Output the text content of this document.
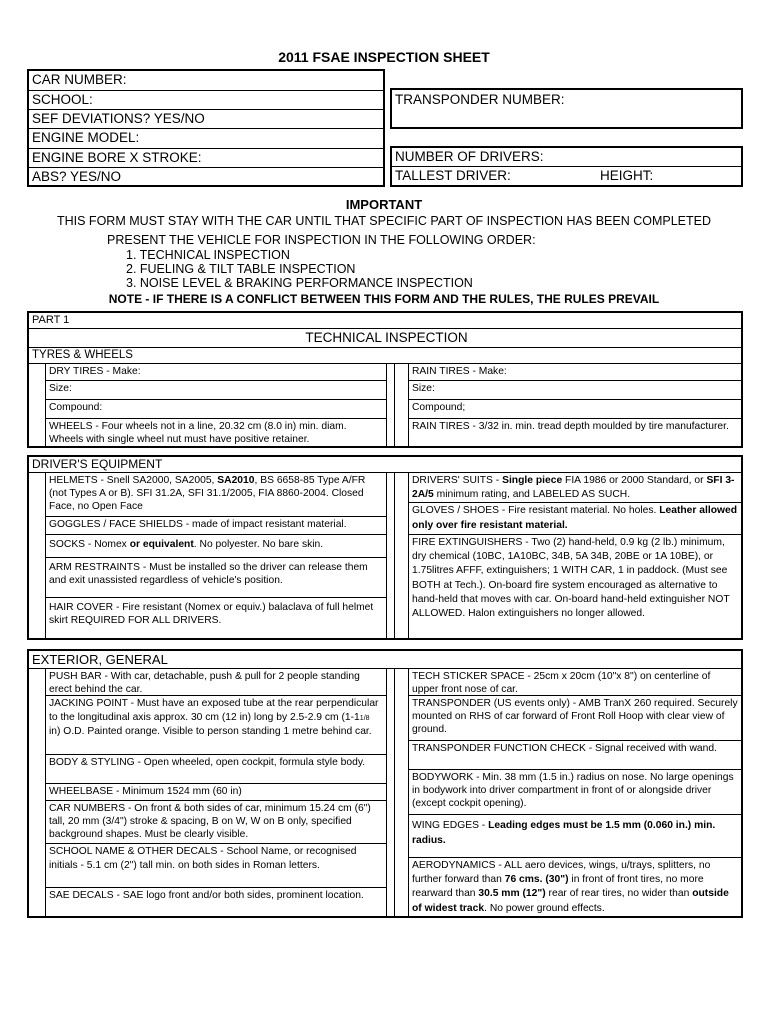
2011 FSAE INSPECTION SHEET
CAR NUMBER:
SCHOOL:
SEF DEVIATIONS? YES/NO
ENGINE MODEL:
ENGINE BORE X STROKE:
ABS? YES/NO
TRANSPONDER NUMBER:
NUMBER OF DRIVERS:
TALLEST DRIVER:	HEIGHT:
IMPORTANT
THIS FORM MUST STAY WITH THE CAR UNTIL THAT SPECIFIC PART OF INSPECTION HAS BEEN COMPLETED
PRESENT THE VEHICLE FOR INSPECTION IN THE FOLLOWING ORDER:
1. TECHNICAL INSPECTION
2. FUELING & TILT TABLE INSPECTION
3. NOISE LEVEL & BRAKING PERFORMANCE INSPECTION
NOTE - IF THERE IS A CONFLICT BETWEEN THIS FORM AND THE RULES, THE RULES PREVAIL
PART 1
TECHNICAL INSPECTION
TYRES & WHEELS
DRY TIRES - Make:
Size:
Compound:
WHEELS - Four wheels not in a line, 20.32 cm (8.0 in) min. diam. Wheels with single wheel nut must have positive retainer.
RAIN TIRES - Make:
Size:
Compound;
RAIN TIRES - 3/32 in. min. tread depth moulded by tire manufacturer.
DRIVER'S EQUIPMENT
HELMETS - Snell SA2000, SA2005, SA2010, BS 6658-85 Type A/FR (not Types A or B). SFI 31.2A, SFI 31.1/2005, FIA 8860-2004. Closed Face, no Open Face
GOGGLES / FACE SHIELDS - made of impact resistant material.
SOCKS - Nomex or equivalent. No polyester. No bare skin.
ARM RESTRAINTS - Must be installed so the driver can release them and exit unassisted regardless of vehicle's position.
HAIR COVER - Fire resistant (Nomex or equiv.) balaclava of full helmet skirt REQUIRED FOR ALL DRIVERS.
DRIVERS' SUITS - Single piece FIA 1986 or 2000 Standard, or SFI 3-2A/5 minimum rating, and LABELED AS SUCH.
GLOVES / SHOES - Fire resistant material. No holes. Leather allowed only over fire resistant material.
FIRE EXTINGUISHERS - Two (2) hand-held, 0.9 kg (2 lb.) minimum, dry chemical (10BC, 1A10BC, 34B, 5A 34B, 20BE or 1A 10BE), or 1.75litres AFFF, extinguishers; 1 WITH CAR, 1 in paddock. (Must see BOTH at Tech.). On-board fire system encouraged as alternative to hand-held that moves with car. On-board hand-held extinguisher NOT ALLOWED. Halon extinguishers no longer allowed.
EXTERIOR, GENERAL
PUSH BAR - With car, detachable, push & pull for 2 people standing erect behind the car.
JACKING POINT - Must have an exposed tube at the rear perpendicular to the longitudinal axis approx. 30 cm (12 in) long by 2.5-2.9 cm (1-11/8 in) O.D. Painted orange. Visible to person standing 1 metre behind car.
BODY & STYLING - Open wheeled, open cockpit, formula style body.
WHEELBASE - Minimum 1524 mm (60 in)
CAR NUMBERS - On front & both sides of car, minimum 15.24 cm (6") tall, 20 mm (3/4") stroke & spacing, B on W, W on B only, specified background shapes. Must be clearly visible.
SCHOOL NAME & OTHER DECALS - School Name, or recognised initials - 5.1 cm (2") tall min. on both sides in Roman letters.
SAE DECALS - SAE logo front and/or both sides, prominent location.
TECH STICKER SPACE - 25cm x 20cm (10"x 8") on centerline of upper front nose of car.
TRANSPONDER (US events only) - AMB TranX 260 required. Securely mounted on RHS of car forward of Front Roll Hoop with clear view of ground.
TRANSPONDER FUNCTION CHECK - Signal received with wand.
BODYWORK - Min. 38 mm (1.5 in.) radius on nose. No large openings in bodywork into driver compartment in front of or alongside driver (except cockpit opening).
WING EDGES - Leading edges must be 1.5 mm (0.060 in.) min. radius.
AERODYNAMICS - ALL aero devices, wings, u/trays, splitters, no further forward than 76 cms. (30") in front of front tires, no more rearward than 30.5 mm (12") rear of rear tires, no wider than outside of widest track. No power ground effects.
